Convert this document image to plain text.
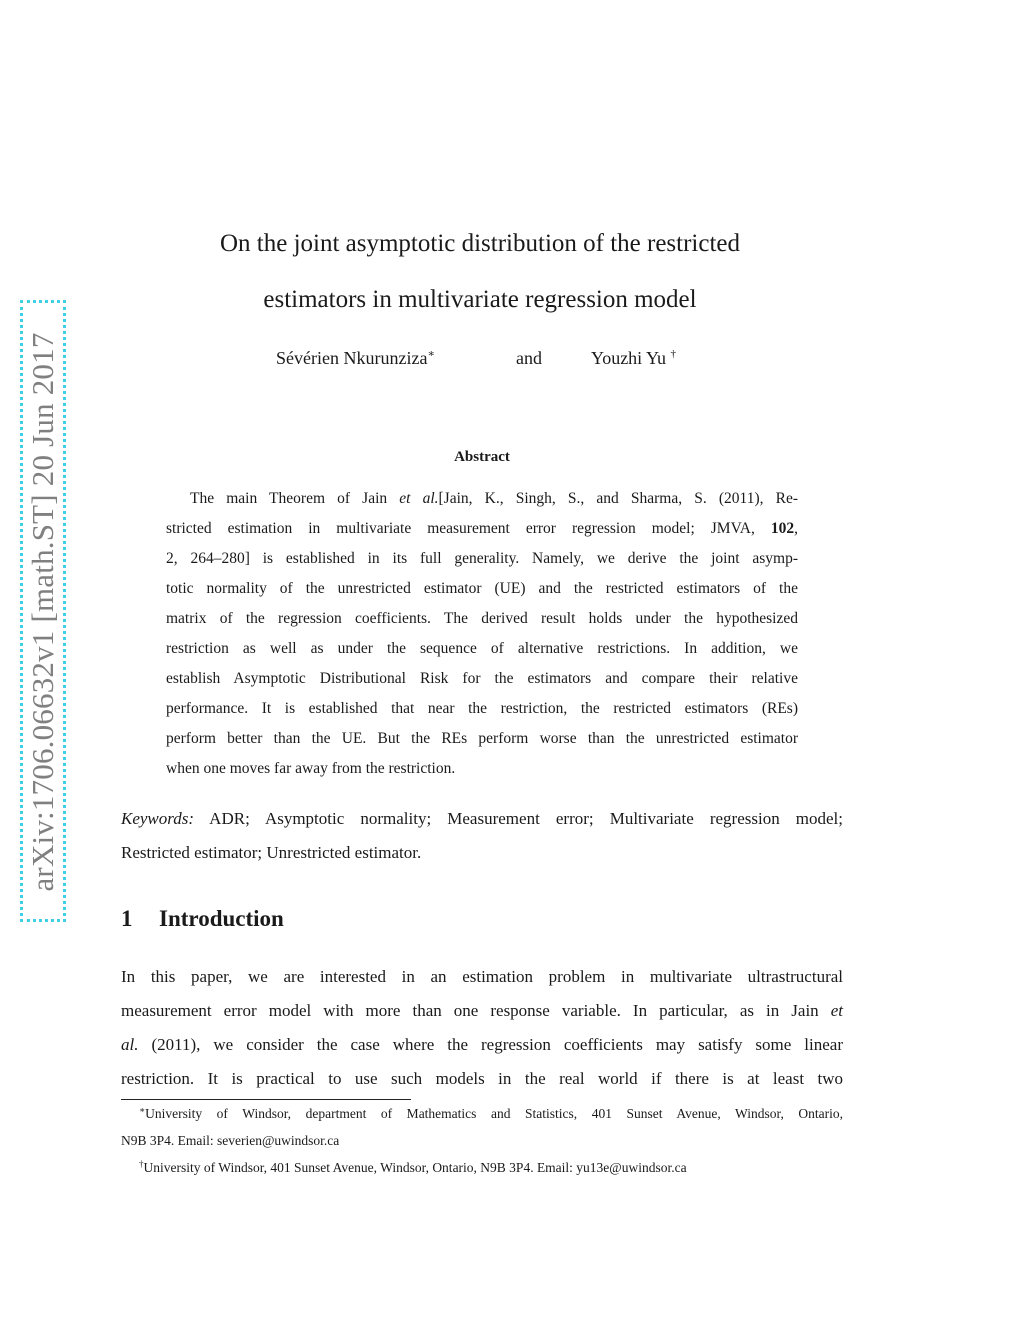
arXiv:1706.06632v1 [math.ST] 20 Jun 2017
On the joint asymptotic distribution of the restricted
estimators in multivariate regression model
Sévérien Nkurunziza∗	and	Youzhi Yu †
Abstract
The main Theorem of Jain et al.[Jain, K., Singh, S., and Sharma, S. (2011), Re-
stricted estimation in multivariate measurement error regression model; JMVA, 102,
2, 264–280] is established in its full generality. Namely, we derive the joint asymp-
totic normality of the unrestricted estimator (UE) and the restricted estimators of the
matrix of the regression coefficients. The derived result holds under the hypothesized
restriction as well as under the sequence of alternative restrictions. In addition, we
establish Asymptotic Distributional Risk for the estimators and compare their relative
performance. It is established that near the restriction, the restricted estimators (REs)
perform better than the UE. But the REs perform worse than the unrestricted estimator
when one moves far away from the restriction.
Keywords: ADR; Asymptotic normality; Measurement error; Multivariate regression model;
Restricted estimator; Unrestricted estimator.
1 Introduction
In this paper, we are interested in an estimation problem in multivariate ultrastructural
measurement error model with more than one response variable. In particular, as in Jain et
al. (2011), we consider the case where the regression coefficients may satisfy some linear
restriction. It is practical to use such models in the real world if there is at least two
∗University of Windsor, department of Mathematics and Statistics, 401 Sunset Avenue, Windsor, Ontario,
N9B 3P4. Email: severien@uwindsor.ca
†University of Windsor, 401 Sunset Avenue, Windsor, Ontario, N9B 3P4. Email: yu13e@uwindsor.ca
